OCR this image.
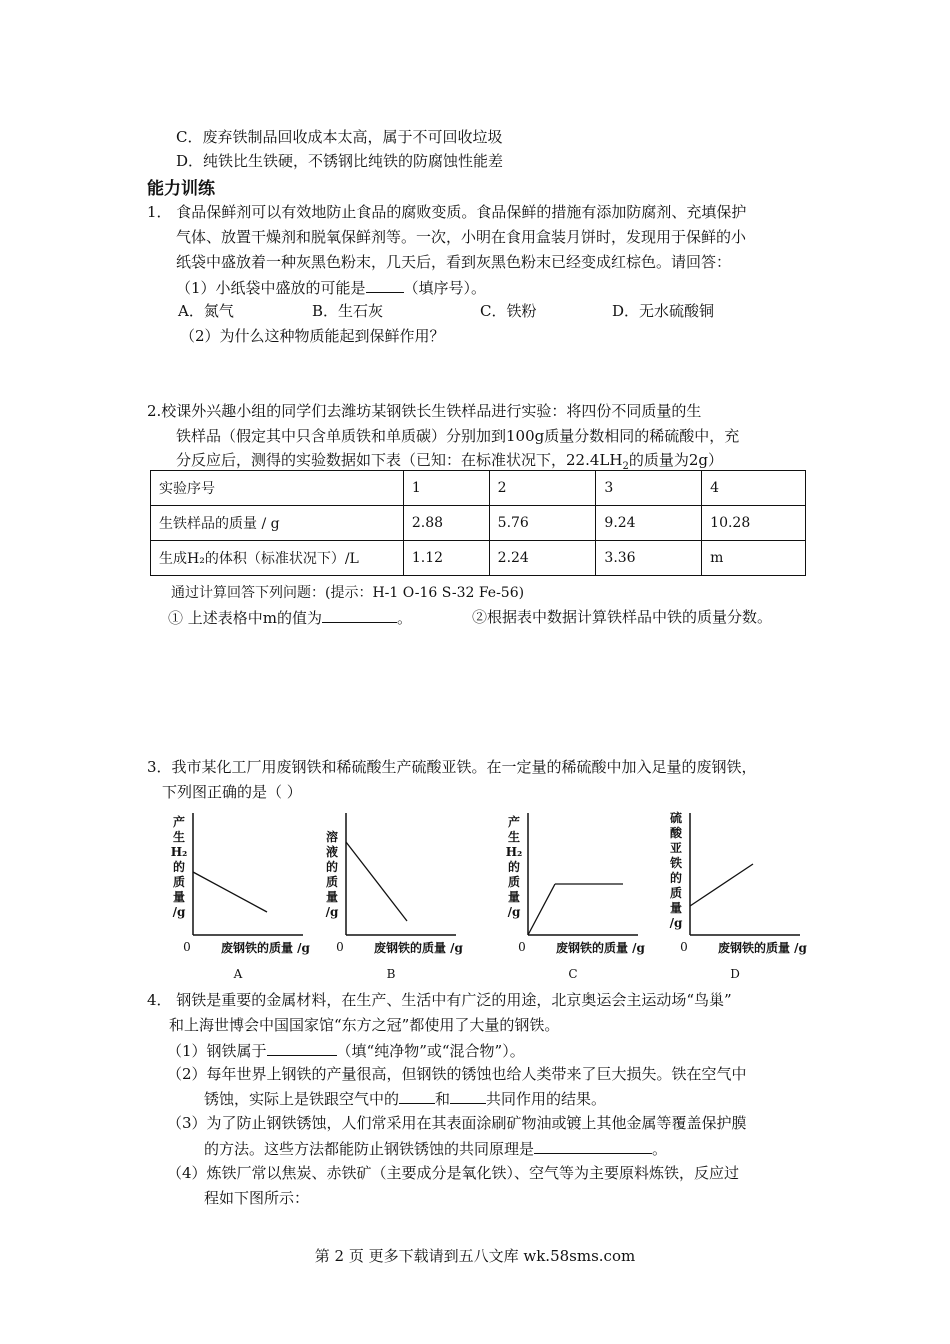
C．废弃铁制品回收成本太高，属于不可回收垃圾
D．纯铁比生铁硬，不锈钢比纯铁的防腐蚀性能差
能力训练
1． 食品保鲜剂可以有效地防止食品的腐败变质。食品保鲜的措施有添加防腐剂、充填保护
气体、放置干燥剂和脱氧保鲜剂等。一次，小明在食用盒装月饼时，发现用于保鲜的小
纸袋中盛放着一种灰黑色粉末，几天后，看到灰黑色粉末已经变成红棕色。请回答：
（1）小纸袋中盛放的可能是	（填序号）。
A．氮气	B．生石灰	C．铁粉	D．无水硫酸铜
（2）为什么这种物质能起到保鲜作用？
2.校课外兴趣小组的同学们去潍坊某钢铁长生铁样品进行实验：将四份不同质量的生
铁样品（假定其中只含单质铁和单质碳）分别加到100g质量分数相同的稀硫酸中，充
分反应后，测得的实验数据如下表（已知：在标准状况下，$22.4LH_2$的质量为2g）
实验序号	1	2	3	4
生铁样品的质量 / g	2.88	5.76	9.24	10.28
生成H₂的体积（标准状况下）/L	1.12	2.24	3.36	m
通过计算回答下列问题：(提示：H-1 O-16 S-32 Fe-56)
① 上述表格中m的值为	。	②根据表中数据计算铁样品中铁的质量分数。
3．我市某化工厂用废钢铁和稀硫酸生产硫酸亚铁。在一定量的稀硫酸中加入足量的废钢铁，
下列图正确的是（ ）
产
生
H₂
的
质
量
/g
0	废钢铁的质量 /g
A
溶
液
的
质
量
/g
0	废钢铁的质量 /g
B
产
生
H₂
的
质
量
/g
0	废钢铁的质量 /g
C
硫
酸
亚
铁
的
质
量
/g
0	废钢铁的质量 /g
D
4． 钢铁是重要的金属材料，在生产、生活中有广泛的用途，北京奥运会主运动场“鸟巢”
和上海世博会中国国家馆“东方之冠”都使用了大量的钢铁。
（1）钢铁属于	（填“纯净物”或“混合物”）。
（2）每年世界上钢铁的产量很高，但钢铁的锈蚀也给人类带来了巨大损失。铁在空气中
锈蚀，实际上是铁跟空气中的 和 共同作用的结果。
（3）为了防止钢铁锈蚀，人们常采用在其表面涂刷矿物油或镀上其他金属等覆盖保护膜
的方法。这些方法都能防止钢铁锈蚀的共同原理是	。
（4）炼铁厂常以焦炭、赤铁矿（主要成分是氧化铁）、空气等为主要原料炼铁，反应过
程如下图所示：
第 2 页 更多下载请到五八文库 wk.58sms.com
